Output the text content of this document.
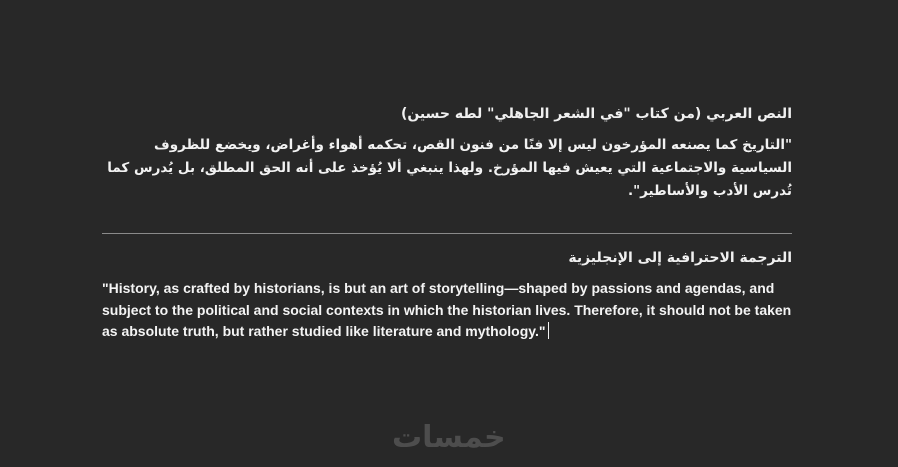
النص العربي (من كتاب "في الشعر الجاهلي" لطه حسين)

"التاريخ كما يصنعه المؤرخون ليس إلا فنًا من فنون القص، تحكمه أهواء وأغراض، ويخضع للظروف السياسية والاجتماعية التي يعيش فيها المؤرخ. ولهذا ينبغي ألا يُؤخذ على أنه الحق المطلق، بل يُدرس كما تُدرس الأدب والأساطير".

الترجمة الاحترافية إلى الإنجليزية

"History, as crafted by historians, is but an art of storytelling—shaped by passions and agendas, and subject to the political and social contexts in which the historian lives. Therefore, it should not be taken as absolute truth, but rather studied like literature and mythology."

خمسات
